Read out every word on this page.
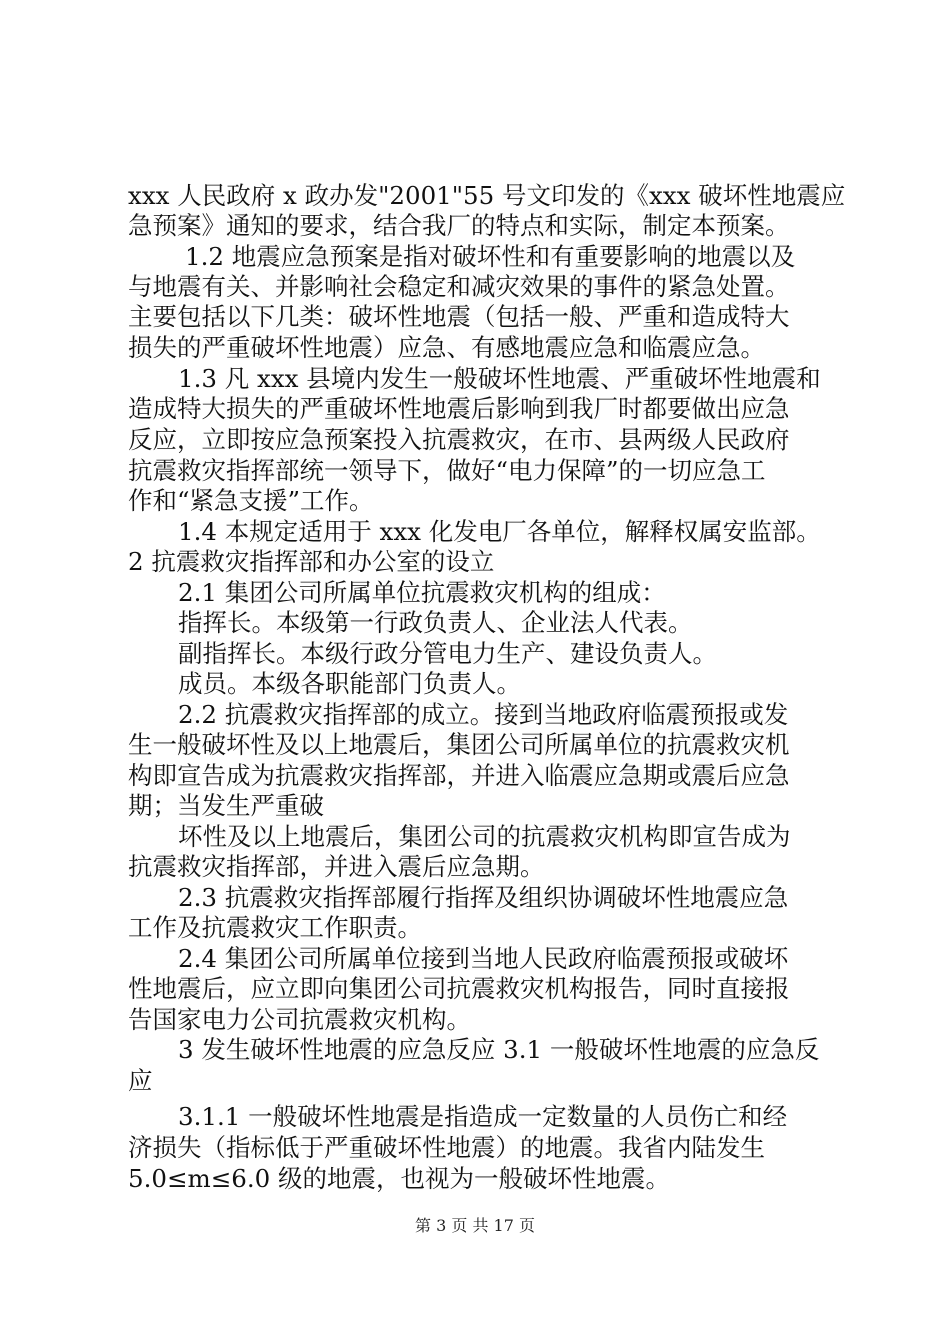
xxx 人民政府 x 政办发"2001"55 号文印发的《xxx 破坏性地震应
急预案》通知的要求，结合我厂的特点和实际，制定本预案。
1.2 地震应急预案是指对破坏性和有重要影响的地震以及
与地震有关、并影响社会稳定和减灾效果的事件的紧急处置。
主要包括以下几类：破坏性地震（包括一般、严重和造成特大
损失的严重破坏性地震）应急、有感地震应急和临震应急。
1.3 凡 xxx 县境内发生一般破坏性地震、严重破坏性地震和
造成特大损失的严重破坏性地震后影响到我厂时都要做出应急
反应，立即按应急预案投入抗震救灾，在市、县两级人民政府
抗震救灾指挥部统一领导下，做好“电力保障”的一切应急工
作和“紧急支援”工作。
1.4 本规定适用于 xxx 化发电厂各单位，解释权属安监部。
2 抗震救灾指挥部和办公室的设立
2.1 集团公司所属单位抗震救灾机构的组成：
指挥长。本级第一行政负责人、企业法人代表。
副指挥长。本级行政分管电力生产、建设负责人。
成员。本级各职能部门负责人。
2.2 抗震救灾指挥部的成立。接到当地政府临震预报或发
生一般破坏性及以上地震后，集团公司所属单位的抗震救灾机
构即宣告成为抗震救灾指挥部，并进入临震应急期或震后应急
期；当发生严重破
坏性及以上地震后，集团公司的抗震救灾机构即宣告成为
抗震救灾指挥部，并进入震后应急期。
2.3 抗震救灾指挥部履行指挥及组织协调破坏性地震应急
工作及抗震救灾工作职责。
2.4 集团公司所属单位接到当地人民政府临震预报或破坏
性地震后，应立即向集团公司抗震救灾机构报告，同时直接报
告国家电力公司抗震救灾机构。
3 发生破坏性地震的应急反应 3.1 一般破坏性地震的应急反
应
3.1.1 一般破坏性地震是指造成一定数量的人员伤亡和经
济损失（指标低于严重破坏性地震）的地震。我省内陆发生
5.0≤m≤6.0 级的地震，也视为一般破坏性地震。
第 3 页 共 17 页
